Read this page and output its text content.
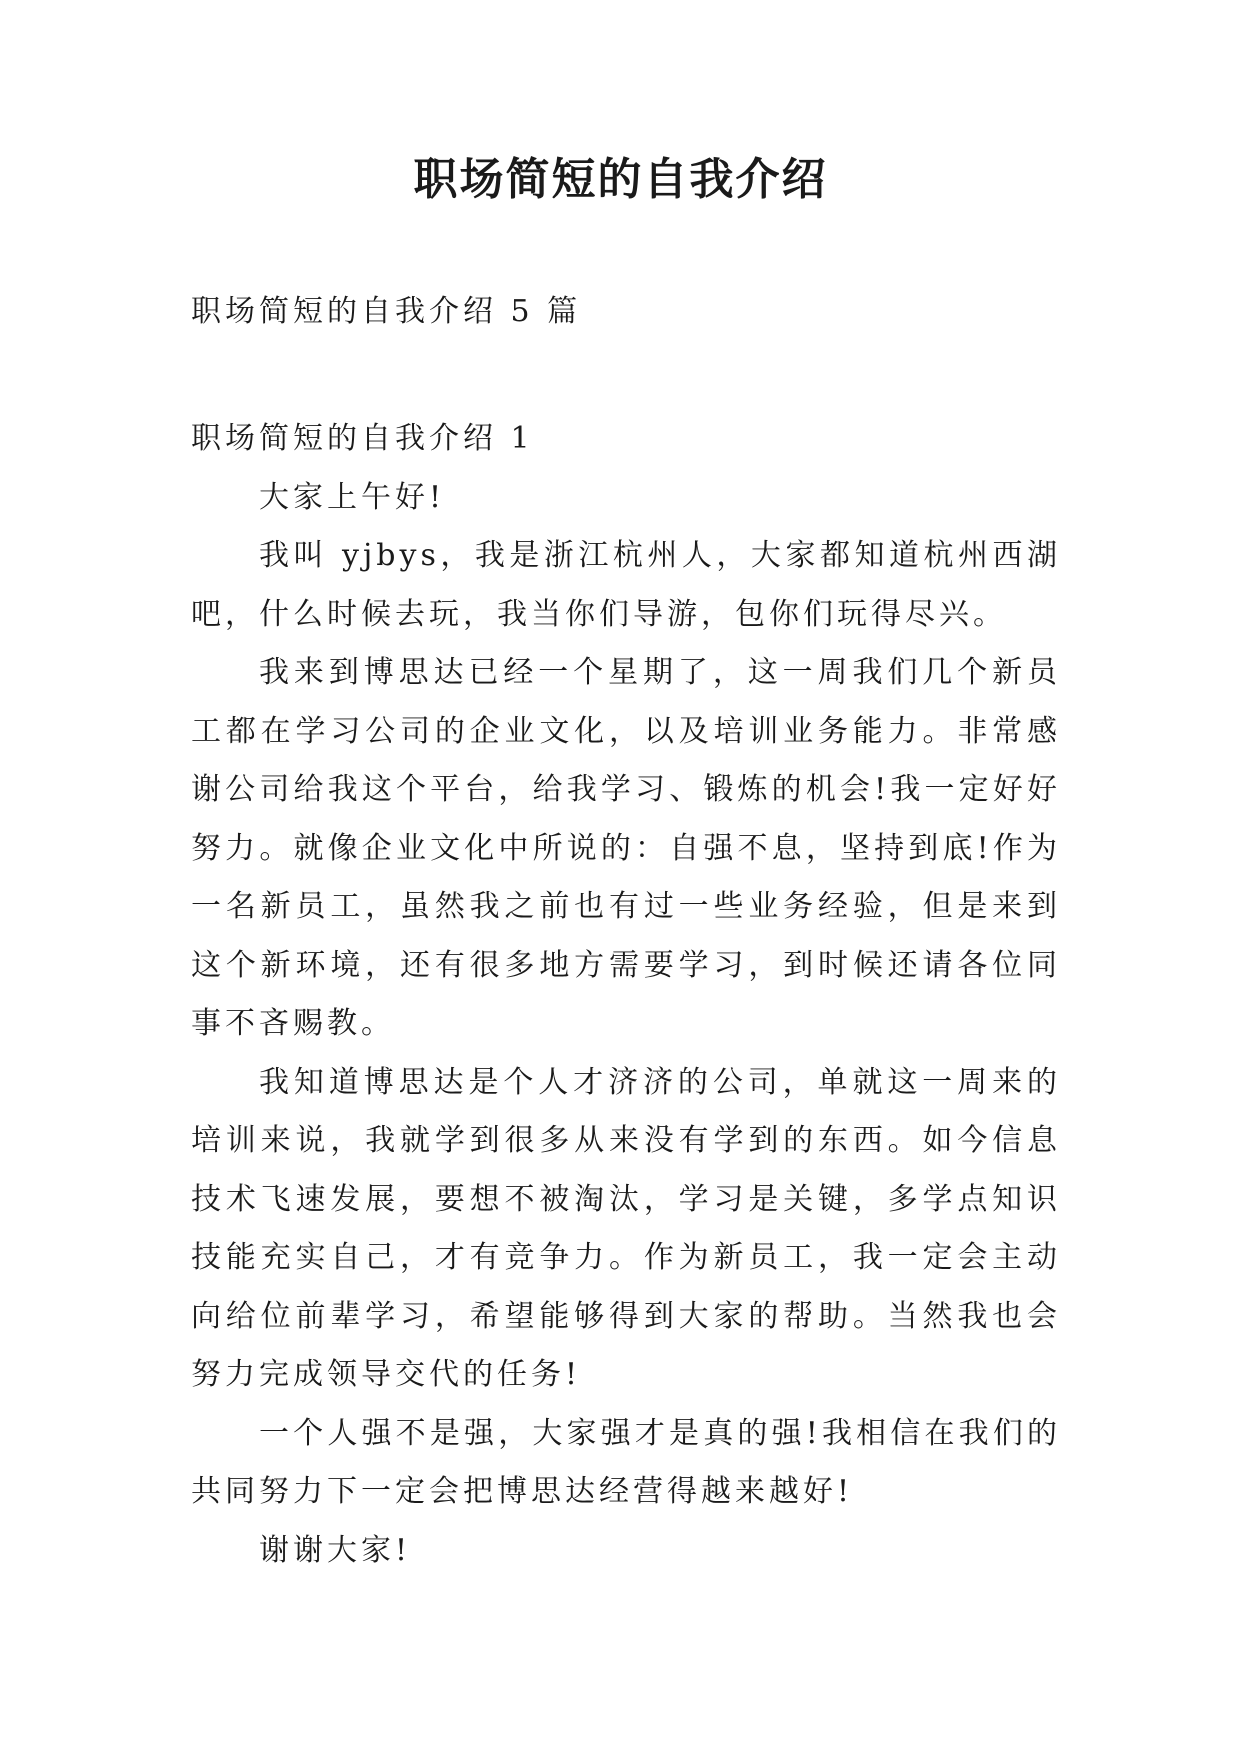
职场简短的自我介绍
职场简短的自我介绍 5 篇
职场简短的自我介绍 1

大家上午好!

我叫 yjbys，我是浙江杭州人，大家都知道杭州西湖吧，什么时候去玩，我当你们导游，包你们玩得尽兴。

我来到博思达已经一个星期了，这一周我们几个新员工都在学习公司的企业文化，以及培训业务能力。非常感谢公司给我这个平台，给我学习、锻炼的机会!我一定好好努力。就像企业文化中所说的：自强不息，坚持到底!作为一名新员工，虽然我之前也有过一些业务经验，但是来到这个新环境，还有很多地方需要学习，到时候还请各位同事不吝赐教。

我知道博思达是个人才济济的公司，单就这一周来的培训来说，我就学到很多从来没有学到的东西。如今信息技术飞速发展，要想不被淘汰，学习是关键，多学点知识技能充实自己，才有竞争力。作为新员工，我一定会主动向给位前辈学习，希望能够得到大家的帮助。当然我也会努力完成领导交代的任务!

一个人强不是强，大家强才是真的强!我相信在我们的共同努力下一定会把博思达经营得越来越好!

谢谢大家!
